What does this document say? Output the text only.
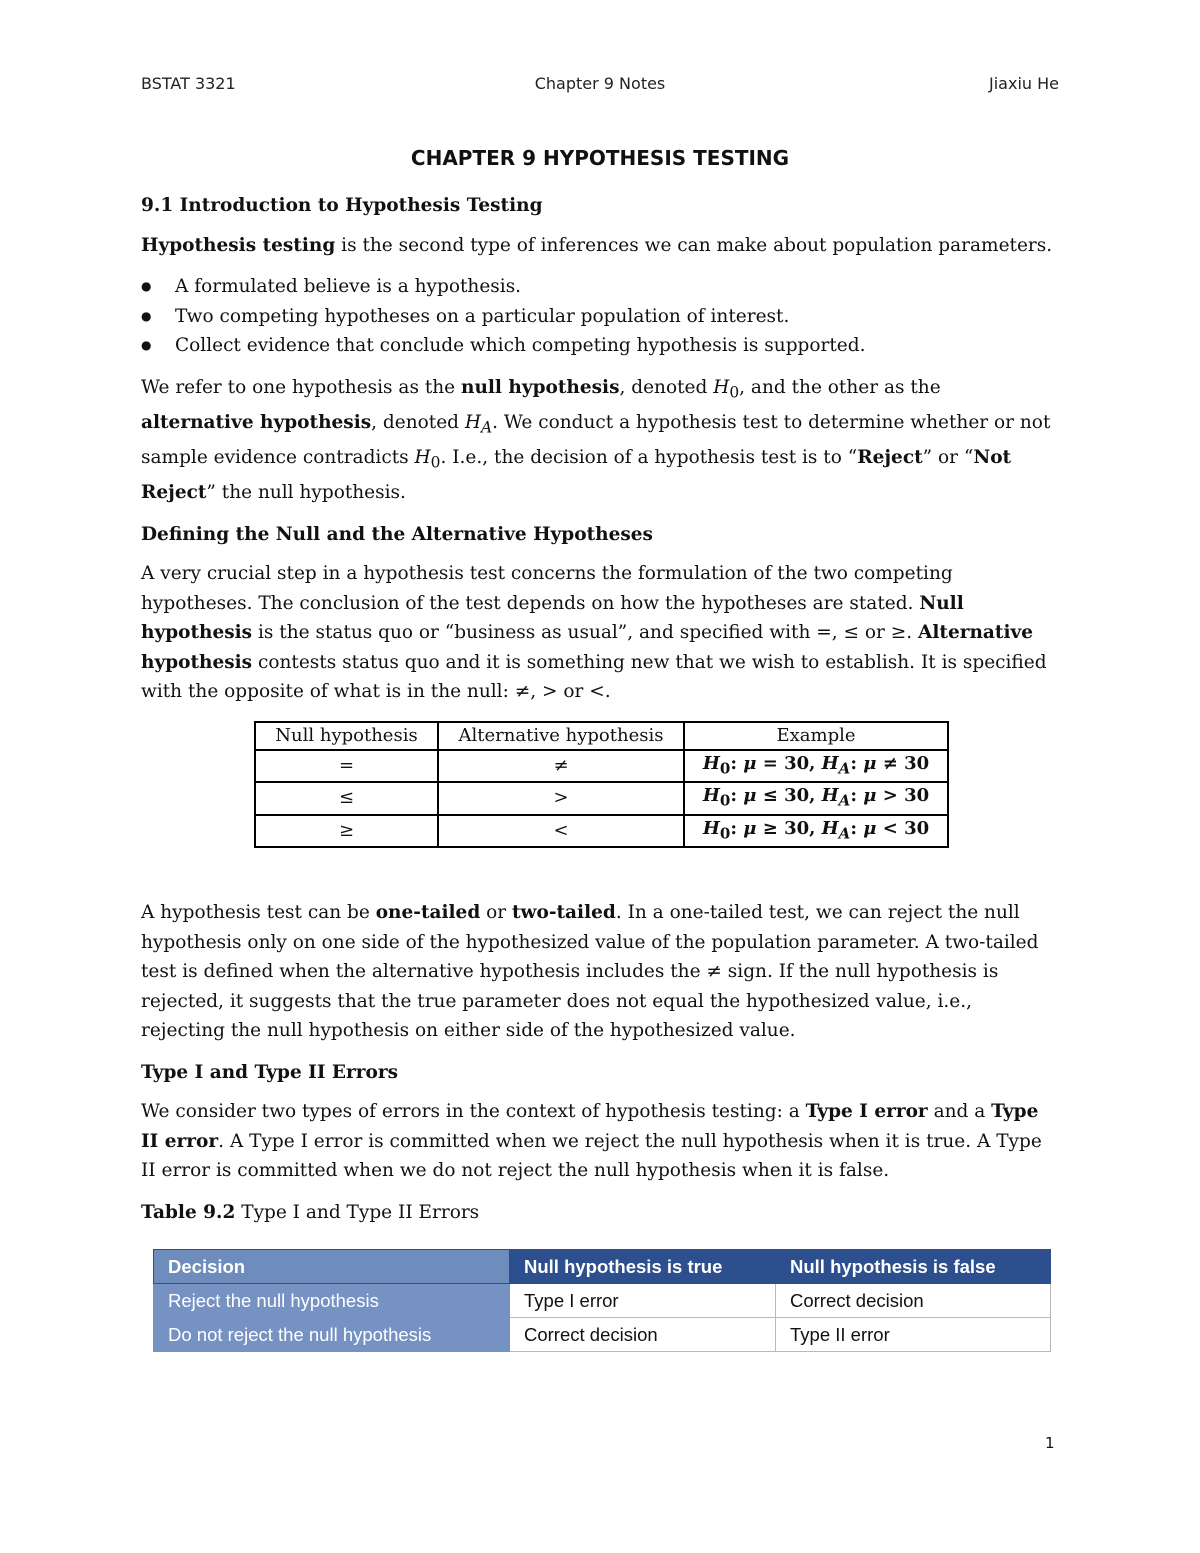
BSTAT 3321	Chapter 9 Notes	Jiaxiu He
CHAPTER 9 HYPOTHESIS TESTING
9.1 Introduction to Hypothesis Testing

Hypothesis testing is the second type of inferences we can make about population parameters.

● A formulated believe is a hypothesis.
● Two competing hypotheses on a particular population of interest.
● Collect evidence that conclude which competing hypothesis is supported.

We refer to one hypothesis as the null hypothesis, denoted $H_0$, and the other as the alternative hypothesis, denoted $H_A$. We conduct a hypothesis test to determine whether or not sample evidence contradicts $H_0$. I.e., the decision of a hypothesis test is to “Reject” or “Not Reject” the null hypothesis.

Defining the Null and the Alternative Hypotheses

A very crucial step in a hypothesis test concerns the formulation of the two competing hypotheses. The conclusion of the test depends on how the hypotheses are stated. Null hypothesis is the status quo or “business as usual”, and specified with =, ≤ or ≥. Alternative hypothesis contests status quo and it is something new that we wish to establish. It is specified with the opposite of what is in the null: ≠, > or <.

Null hypothesis	Alternative hypothesis	Example
=	≠	$H_0$: μ = 30, $H_A$: μ ≠ 30
≤	>	$H_0$: μ ≤ 30, $H_A$: μ > 30
≥	<	$H_0$: μ ≥ 30, $H_A$: μ < 30

A hypothesis test can be one-tailed or two-tailed. In a one-tailed test, we can reject the null hypothesis only on one side of the hypothesized value of the population parameter. A two-tailed test is defined when the alternative hypothesis includes the ≠ sign. If the null hypothesis is rejected, it suggests that the true parameter does not equal the hypothesized value, i.e., rejecting the null hypothesis on either side of the hypothesized value.

Type I and Type II Errors

We consider two types of errors in the context of hypothesis testing: a Type I error and a Type II error. A Type I error is committed when we reject the null hypothesis when it is true. A Type II error is committed when we do not reject the null hypothesis when it is false.

Table 9.2 Type I and Type II Errors

Decision	Null hypothesis is true	Null hypothesis is false
Reject the null hypothesis	Type I error	Correct decision
Do not reject the null hypothesis	Correct decision	Type II error
1
